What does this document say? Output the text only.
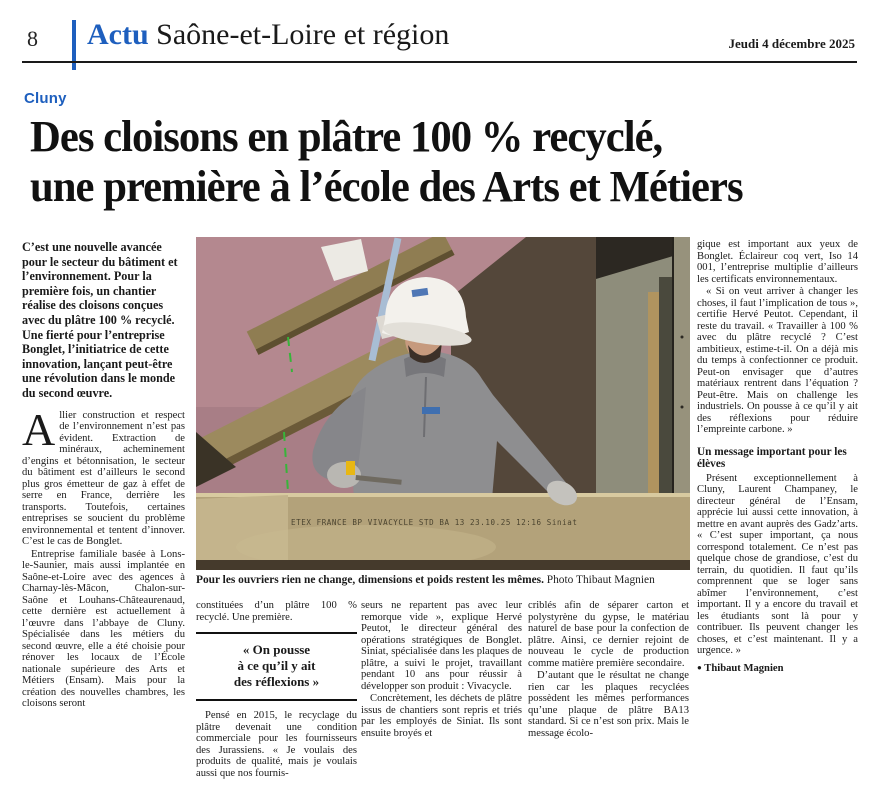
8 Actu Saône-et-Loire et région	Jeudi 4 décembre 2025
Cluny
Des cloisons en plâtre 100 % recyclé,
une première à l’école des Arts et Métiers

C’est une nouvelle avancée pour le secteur du bâtiment et l’environnement. Pour la première fois, un chantier réalise des cloisons conçues avec du plâtre 100 % recyclé. Une fierté pour l’entreprise Bonglet, l’initiatrice de cette innovation, lançant peut-être une révolution dans le monde du second œuvre.

Allier construction et respect de l’environnement n’est pas évident. Extraction de minéraux, acheminement d’engins et bétonnisation, le secteur du bâtiment est d’ailleurs le second plus gros émetteur de gaz à effet de serre en France, derrière les transports. Toutefois, certaines entreprises se soucient du problème environnemental et tentent d’innover. C’est le cas de Bonglet.

Entreprise familiale basée à Lons-le-Saunier, mais aussi implantée en Saône-et-Loire avec des agences à Charnay-lès-Mâcon, Chalon-sur-Saône et Louhans-Châteaurenaud, cette dernière est actuellement à l’œuvre dans l’abbaye de Cluny. Spécialisée dans les métiers du second œuvre, elle a été choisie pour rénover les locaux de l’École nationale supérieure des Arts et Métiers (Ensam). Mais pour la création des nouvelles chambres, les cloisons seront

ETEX FRANCE BP VIVACYCLE STD BA 13 23.10.25 12:16 Siniat
Pour les ouvriers rien ne change, dimensions et poids restent les mêmes. Photo Thibaut Magnien

constituées d’un plâtre 100 % recyclé. Une première.

« On pousse
à ce qu’il y ait
des réflexions »

Pensé en 2015, le recyclage du plâtre devenait une condition commerciale pour les fournisseurs des Jurassiens. « Je voulais des produits de qualité, mais je voulais aussi que nos fournis-

seurs ne repartent pas avec leur remorque vide », explique Hervé Peutot, le directeur général des opérations stratégiques de Bonglet. Siniat, spécialisée dans les plaques de plâtre, a suivi le projet, travaillant pendant 10 ans pour réussir à développer son produit : Vivacycle.

Concrètement, les déchets de plâtre issus de chantiers sont repris et triés par les employés de Siniat. Ils sont ensuite broyés et

criblés afin de séparer carton et polystyrène du gypse, le matériau naturel de base pour la confection de plâtre. Ainsi, ce dernier rejoint de nouveau le cycle de production comme matière première secondaire.

D’autant que le résultat ne change rien car les plaques recyclées possèdent les mêmes performances qu’une plaque de plâtre BA13 standard. Si ce n’est son prix. Mais le message écolo-

gique est important aux yeux de Bonglet. Éclaireur coq vert, Iso 14 001, l’entreprise multiplie d’ailleurs les certificats environnementaux.

« Si on veut arriver à changer les choses, il faut l’implication de tous », certifie Hervé Peutot. Cependant, il reste du travail. « Travailler à 100 % avec du plâtre recyclé ? C’est ambitieux, estime-t-il. On a déjà mis du temps à confectionner ce produit. Peut-on envisager que d’autres matériaux rentrent dans l’équation ? Peut-être. Mais on challenge les industriels. On pousse à ce qu’il y ait des réflexions pour réduire l’empreinte carbone. »

Un message important pour les élèves

Présent exceptionnellement à Cluny, Laurent Champaney, le directeur général de l’Ensam, apprécie lui aussi cette innovation, à mettre en avant auprès des Gadz’arts. « C’est super important, ça nous correspond totalement. Ce n’est pas quelque chose de grandiose, c’est du terrain, du quotidien. Il faut qu’ils comprennent que se loger sans abîmer l’environnement, c’est important. Il y a encore du travail et les étudiants sont là pour y contribuer. Ils peuvent changer les choses, et c’est maintenant. Il y a urgence. »

● Thibaut Magnien
